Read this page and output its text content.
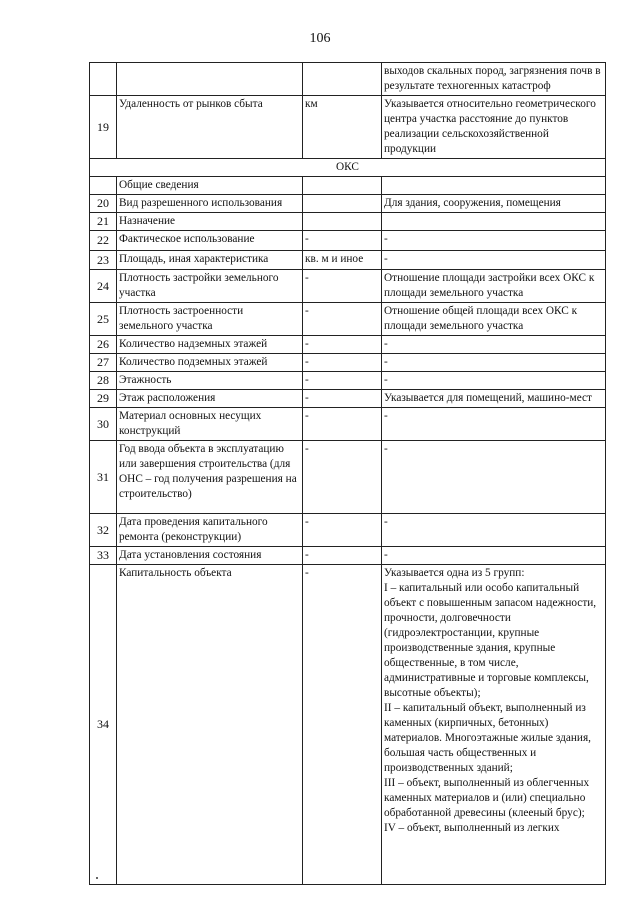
106
			выходов скальных пород, загрязнения почв в результате техногенных катастроф
19	Удаленность от рынков сбыта	км	Указывается относительно геометрического центра участка расстояние до пунктов реализации сельскохозяйственной продукции
ОКС			
	Общие сведения		
20	Вид разрешенного использования		Для здания, сооружения, помещения
21	Назначение		
22	Фактическое использование	-	-
23	Площадь, иная характеристика	кв. м и иное	-
24	Плотность застройки земельного участка	-	Отношение площади застройки всех ОКС к площади земельного участка
25	Плотность застроенности земельного участка	-	Отношение общей площади всех ОКС к площади земельного участка
26	Количество надземных этажей	-	-
27	Количество подземных этажей	-	-
28	Этажность	-	-
29	Этаж расположения	-	Указывается для помещений, машино-мест
30	Материал основных несущих конструкций	-	-
31	Год ввода объекта в эксплуатацию или завершения строительства (для ОНС – год получения разрешения на строительство)	-	-
32	Дата проведения капитального ремонта (реконструкции)	-	-
33	Дата установления состояния	-	-
34	Капитальность объекта	-	Указывается одна из 5 групп:
I – капитальный или особо капитальный объект с повышенным запасом надежности, прочности, долговечности (гидроэлектростанции, крупные производственные здания, крупные общественные, в том числе, административные и торговые комплексы, высотные объекты);
II – капитальный объект, выполненный из каменных (кирпичных, бетонных) материалов. Многоэтажные жилые здания, большая часть общественных и производственных зданий;
III – объект, выполненный из облегченных каменных материалов и (или) специально обработанной древесины (клееный брус);
IV – объект, выполненный из легких
